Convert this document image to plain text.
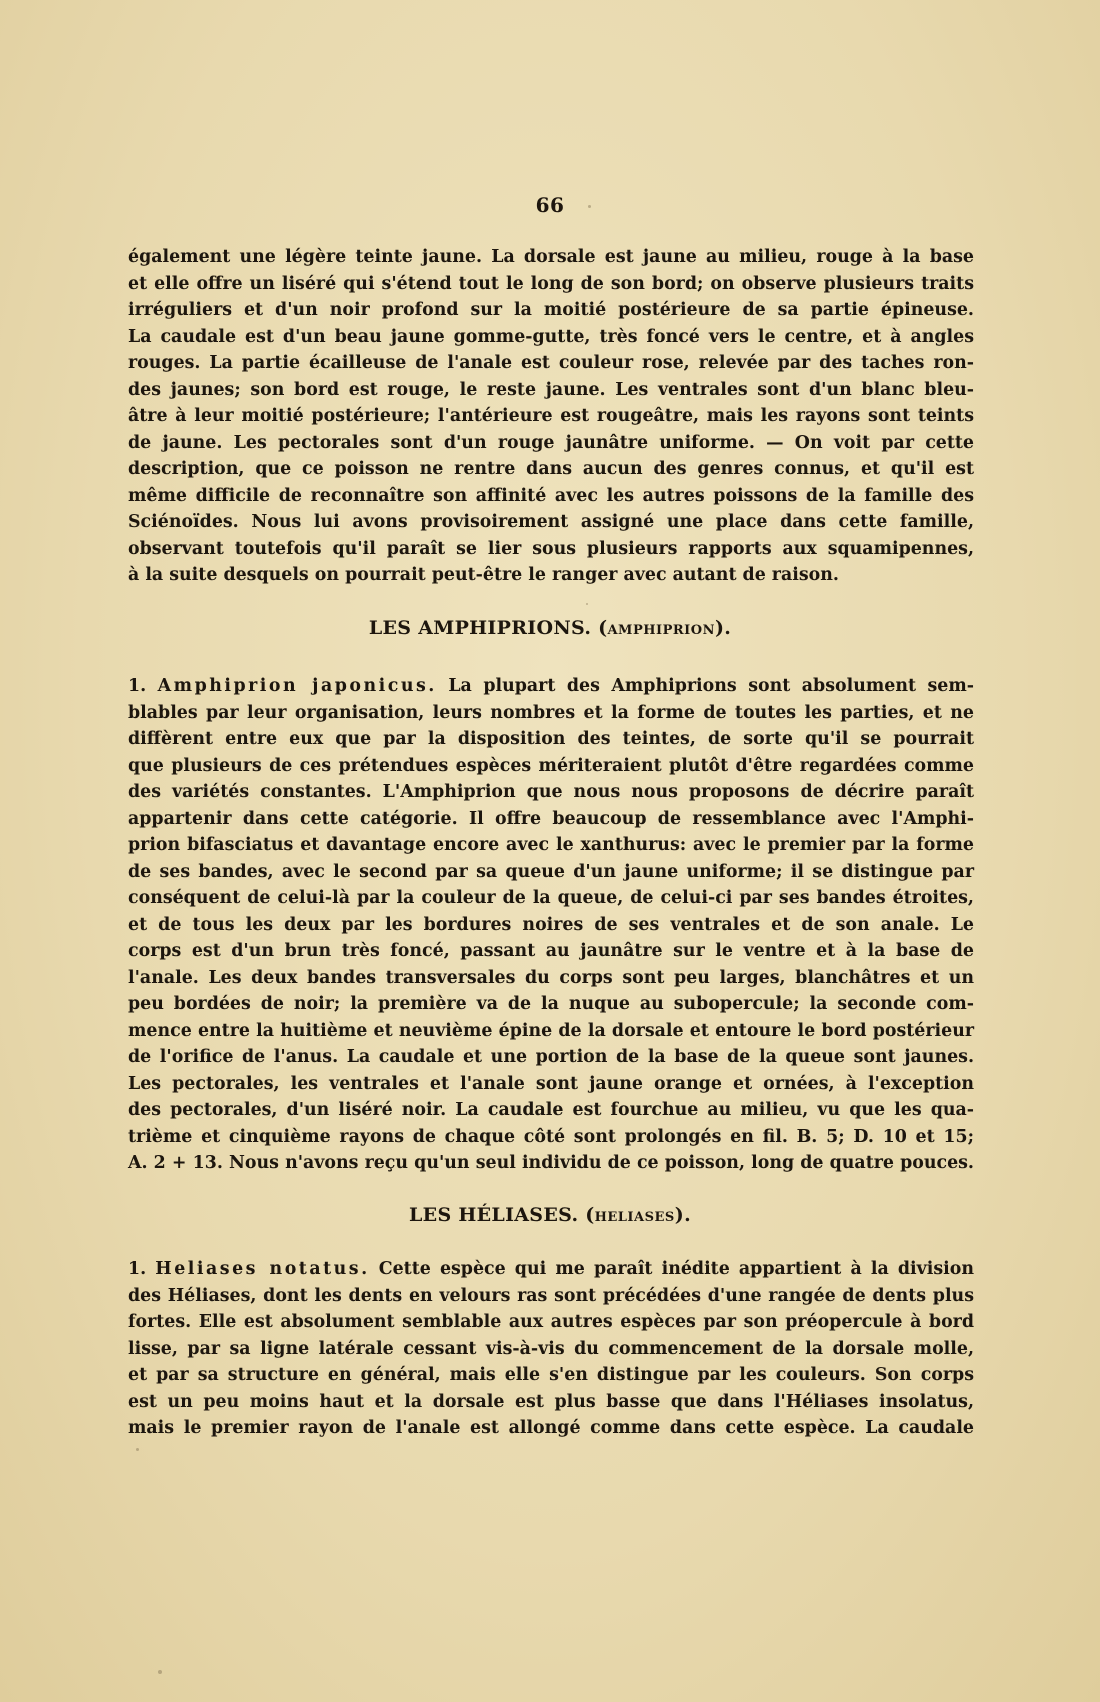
66
également une légère teinte jaune. La dorsale est jaune au milieu, rouge à la base
et elle offre un liséré qui s'étend tout le long de son bord; on observe plusieurs traits
irréguliers et d'un noir profond sur la moitié postérieure de sa partie épineuse.
La caudale est d'un beau jaune gomme-gutte, très foncé vers le centre, et à angles
rouges. La partie écailleuse de l'anale est couleur rose, relevée par des taches ron-
des jaunes; son bord est rouge, le reste jaune. Les ventrales sont d'un blanc bleu-
âtre à leur moitié postérieure; l'antérieure est rougeâtre, mais les rayons sont teints
de jaune. Les pectorales sont d'un rouge jaunâtre uniforme. — On voit par cette
description, que ce poisson ne rentre dans aucun des genres connus, et qu'il est
même difficile de reconnaître son affinité avec les autres poissons de la famille des
Sciénoïdes. Nous lui avons provisoirement assigné une place dans cette famille,
observant toutefois qu'il paraît se lier sous plusieurs rapports aux squamipennes,
à la suite desquels on pourrait peut-être le ranger avec autant de raison.
LES AMPHIPRIONS. (AMPHIPRION).
1. Amphiprion japonicus. La plupart des Amphiprions sont absolument sem-
blables par leur organisation, leurs nombres et la forme de toutes les parties, et ne
diffèrent entre eux que par la disposition des teintes, de sorte qu'il se pourrait
que plusieurs de ces prétendues espèces mériteraient plutôt d'être regardées comme
des variétés constantes. L'Amphiprion que nous nous proposons de décrire paraît
appartenir dans cette catégorie. Il offre beaucoup de ressemblance avec l'Amphi-
prion bifasciatus et davantage encore avec le xanthurus: avec le premier par la forme
de ses bandes, avec le second par sa queue d'un jaune uniforme; il se distingue par
conséquent de celui-là par la couleur de la queue, de celui-ci par ses bandes étroites,
et de tous les deux par les bordures noires de ses ventrales et de son anale. Le
corps est d'un brun très foncé, passant au jaunâtre sur le ventre et à la base de
l'anale. Les deux bandes transversales du corps sont peu larges, blanchâtres et un
peu bordées de noir; la première va de la nuque au subopercule; la seconde com-
mence entre la huitième et neuvième épine de la dorsale et entoure le bord postérieur
de l'orifice de l'anus. La caudale et une portion de la base de la queue sont jaunes.
Les pectorales, les ventrales et l'anale sont jaune orange et ornées, à l'exception
des pectorales, d'un liséré noir. La caudale est fourchue au milieu, vu que les qua-
trième et cinquième rayons de chaque côté sont prolongés en fil. B. 5; D. 10 et 15;
A. 2 + 13. Nous n'avons reçu qu'un seul individu de ce poisson, long de quatre pouces.
LES HÉLIASES. (HELIASES).
1. Heliases notatus. Cette espèce qui me paraît inédite appartient à la division
des Héliases, dont les dents en velours ras sont précédées d'une rangée de dents plus
fortes. Elle est absolument semblable aux autres espèces par son préopercule à bord
lisse, par sa ligne latérale cessant vis-à-vis du commencement de la dorsale molle,
et par sa structure en général, mais elle s'en distingue par les couleurs. Son corps
est un peu moins haut et la dorsale est plus basse que dans l'Héliases insolatus,
mais le premier rayon de l'anale est allongé comme dans cette espèce. La caudale
